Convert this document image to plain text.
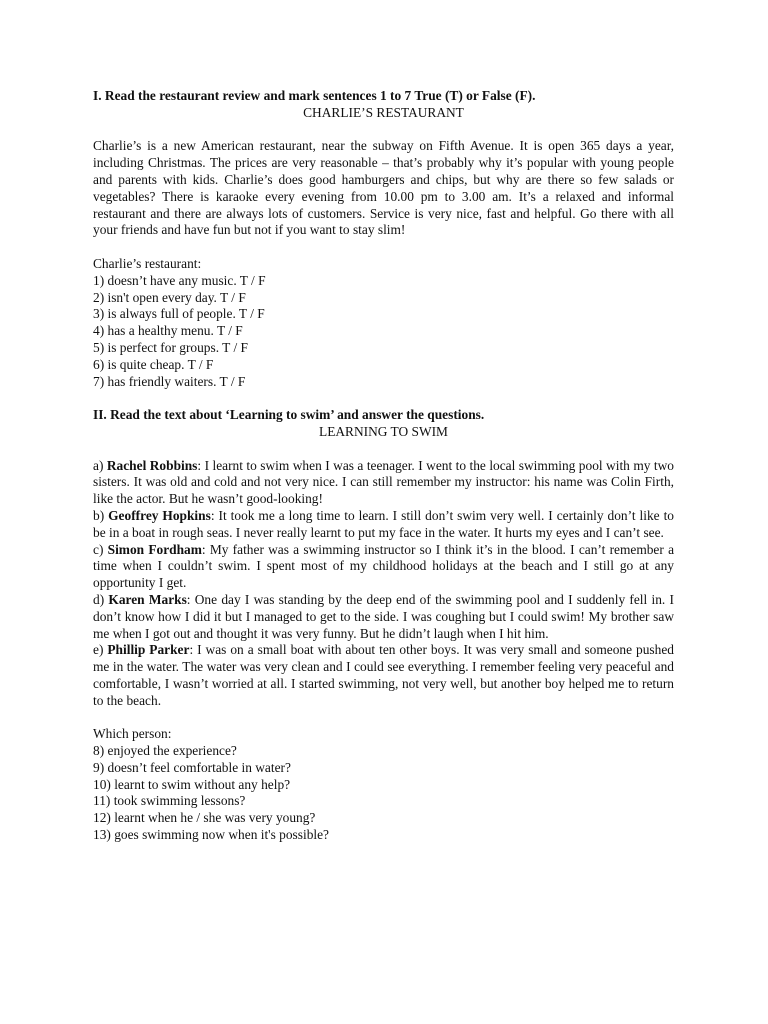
I. Read the restaurant review and mark sentences 1 to 7 True (T) or False (F).

CHARLIE’S RESTAURANT

Charlie’s is a new American restaurant, near the subway on Fifth Avenue. It is open 365 days a year, including Christmas. The prices are very reasonable – that’s probably why it’s popular with young people and parents with kids. Charlie’s does good hamburgers and chips, but why are there so few salads or vegetables? There is karaoke every evening from 10.00 pm to 3.00 am. It’s a relaxed and informal restaurant and there are always lots of customers. Service is very nice, fast and helpful. Go there with all your friends and have fun but not if you want to stay slim!

Charlie’s restaurant:

1) doesn’t have any music. T / F

2) isn't open every day. T / F

3) is always full of people. T / F

4) has a healthy menu. T / F

5) is perfect for groups. T / F

6) is quite cheap. T / F

7) has friendly waiters. T / F

II. Read the text about ‘Learning to swim’ and answer the questions.

LEARNING TO SWIM

a) Rachel Robbins: I learnt to swim when I was a teenager. I went to the local swimming pool with my two sisters. It was old and cold and not very nice. I can still remember my instructor: his name was Colin Firth, like the actor. But he wasn’t good-looking!

b) Geoffrey Hopkins: It took me a long time to learn. I still don’t swim very well. I certainly don’t like to be in a boat in rough seas. I never really learnt to put my face in the water. It hurts my eyes and I can’t see.

c) Simon Fordham: My father was a swimming instructor so I think it’s in the blood. I can’t remember a time when I couldn’t swim. I spent most of my childhood holidays at the beach and I still go at any opportunity I get.

d) Karen Marks: One day I was standing by the deep end of the swimming pool and I suddenly fell in. I don’t know how I did it but I managed to get to the side. I was coughing but I could swim! My brother saw me when I got out and thought it was very funny. But he didn’t laugh when I hit him.

e) Phillip Parker: I was on a small boat with about ten other boys. It was very small and someone pushed me in the water. The water was very clean and I could see everything. I remember feeling very peaceful and comfortable, I wasn’t worried at all. I started swimming, not very well, but another boy helped me to return to the beach.

Which person:

8) enjoyed the experience?

9) doesn’t feel comfortable in water?

10) learnt to swim without any help?

11) took swimming lessons?

12) learnt when he / she was very young?

13) goes swimming now when it's possible?
